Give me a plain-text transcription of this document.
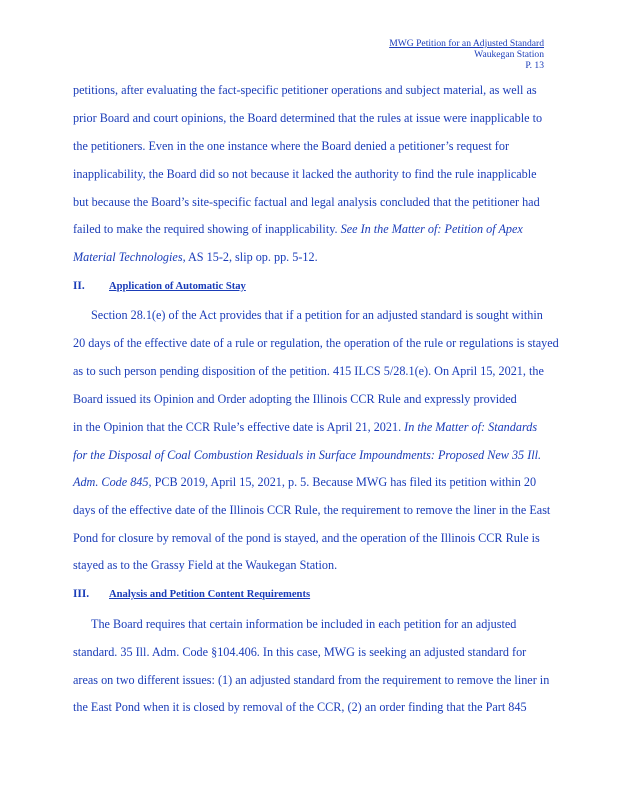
MWG Petition for an Adjusted Standard
Waukegan Station
P. 13
petitions, after evaluating the fact-specific petitioner operations and subject material, as well as
prior Board and court opinions, the Board determined that the rules at issue were inapplicable to
the petitioners. Even in the one instance where the Board denied a petitioner’s request for
inapplicability, the Board did so not because it lacked the authority to find the rule inapplicable
but because the Board’s site-specific factual and legal analysis concluded that the petitioner had
failed to make the required showing of inapplicability. See In the Matter of: Petition of Apex
Material Technologies, AS 15-2, slip op. pp. 5-12.
II. Application of Automatic Stay
Section 28.1(e) of the Act provides that if a petition for an adjusted standard is sought within
20 days of the effective date of a rule or regulation, the operation of the rule or regulations is stayed
as to such person pending disposition of the petition. 415 ILCS 5/28.1(e). On April 15, 2021, the
Board issued its Opinion and Order adopting the Illinois CCR Rule and expressly provided
in the Opinion that the CCR Rule’s effective date is April 21, 2021. In the Matter of: Standards
for the Disposal of Coal Combustion Residuals in Surface Impoundments: Proposed New 35 Ill.
Adm. Code 845, PCB 2019, April 15, 2021, p. 5. Because MWG has filed its petition within 20
days of the effective date of the Illinois CCR Rule, the requirement to remove the liner in the East
Pond for closure by removal of the pond is stayed, and the operation of the Illinois CCR Rule is
stayed as to the Grassy Field at the Waukegan Station.
III. Analysis and Petition Content Requirements
The Board requires that certain information be included in each petition for an adjusted
standard. 35 Ill. Adm. Code §104.406. In this case, MWG is seeking an adjusted standard for
areas on two different issues: (1) an adjusted standard from the requirement to remove the liner in
the East Pond when it is closed by removal of the CCR, (2) an order finding that the Part 845
